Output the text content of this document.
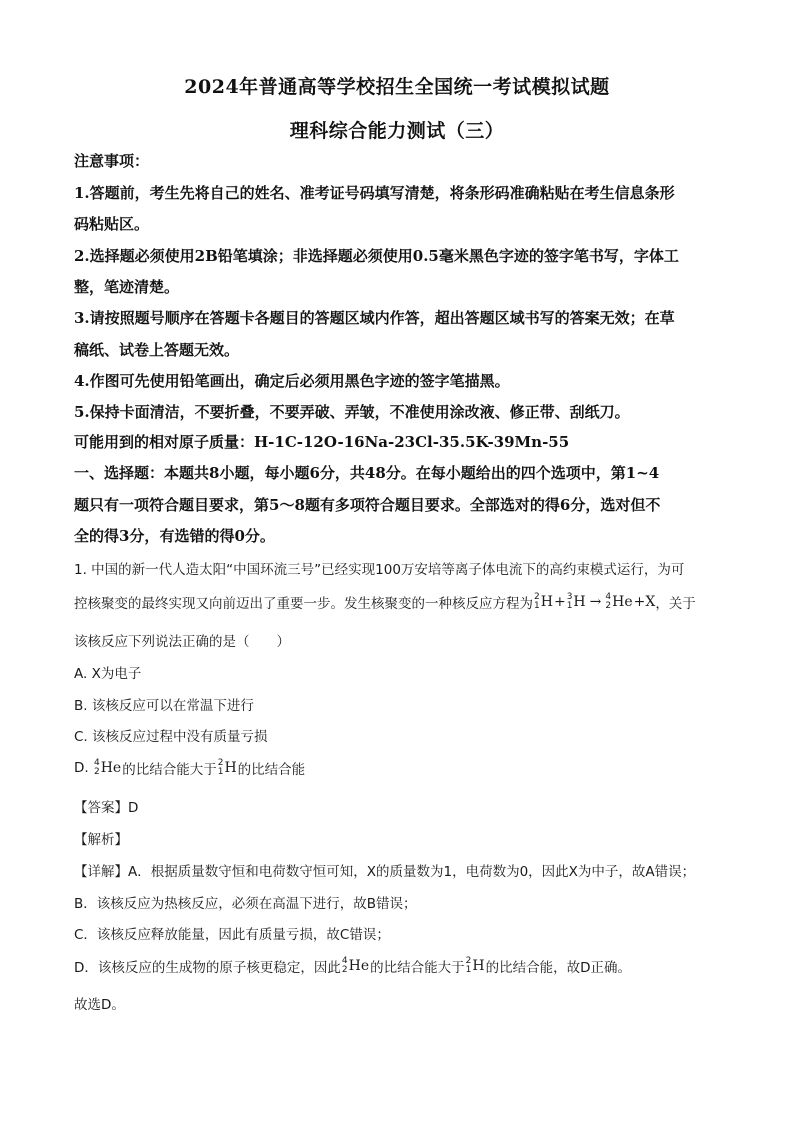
2024年普通高等学校招生全国统一考试模拟试题
理科综合能力测试（三）
注意事项：
1.答题前，考生先将自己的姓名、准考证号码填写清楚，将条形码准确粘贴在考生信息条形
码粘贴区。
2.选择题必须使用2B铅笔填涂；非选择题必须使用0.5毫米黑色字迹的签字笔书写，字体工
整，笔迹清楚。
3.请按照题号顺序在答题卡各题目的答题区域内作答，超出答题区域书写的答案无效；在草
稿纸、试卷上答题无效。
4.作图可先使用铅笔画出，确定后必须用黑色字迹的签字笔描黑。
5.保持卡面清洁，不要折叠，不要弄破、弄皱，不准使用涂改液、修正带、刮纸刀。
可能用到的相对原子质量：H-1C-12O-16Na-23Cl-35.5K-39Mn-55
一、选择题：本题共8小题，每小题6分，共48分。在每小题给出的四个选项中，第1~4
题只有一项符合题目要求，第5～8题有多项符合题目要求。全部选对的得6分，选对但不
全的得3分，有选错的得0分。
1. 中国的新一代人造太阳“中国环流三号”已经实现100万安培等离子体电流下的高约束模式运行，为可
控核聚变的最终实现又向前迈出了重要一步。发生核聚变的一种核反应方程为 2
1 H + 3
1 H → 4
2 He + X ，关于
该核反应下列说法正确的是（　　）
A. X为电子
B. 该核反应可以在常温下进行
C. 该核反应过程中没有质量亏损
D. 4
2 He 的比结合能大于 2
1 H 的比结合能
【答案】D
【解析】
【详解】A．根据质量数守恒和电荷数守恒可知，X的质量数为1，电荷数为0，因此X为中子，故A错误；
B．该核反应为热核反应，必须在高温下进行，故B错误；
C．该核反应释放能量，因此有质量亏损，故C错误；
D．该核反应的生成物的原子核更稳定，因此 4
2 He 的比结合能大于 2
1 H 的比结合能，故D正确。
故选D。
